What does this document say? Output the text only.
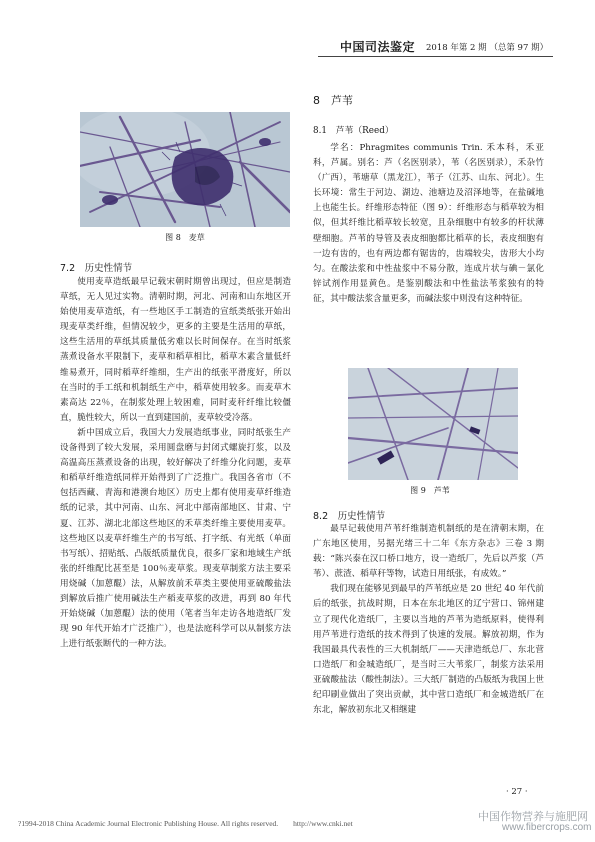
中国司法鉴定 2018 年第 2 期 （总第 97 期）
图 8　麦草
7.2　历史性情节

使用麦草造纸最早记载宋朝时期曾出现过，但应是制造草纸，无人见过实物。清朝时期，河北、河南和山东地区开始使用麦草造纸，有一些地区手工制造的宣纸类纸张开始出现麦草类纤维，但情况较少，更多的主要是生活用的草纸，这些生活用的草纸其质量低劣难以长时间保存。在当时纸浆蒸煮设备水平限制下，麦草和稻草相比，稻草木素含量低纤维易煮开，同时稻草纤维细，生产出的纸张平滑度好，所以在当时的手工纸和机制纸生产中，稻草使用较多。而麦草木素高达 22％，在制浆处理上较困难，同时麦秆纤维比较僵直，脆性较大，所以一直到建国前，麦草较受冷落。

新中国成立后，我国大力发展造纸事业，同时纸张生产设备得到了较大发展，采用圆盘磨与封闭式螺旋打浆，以及高温高压蒸煮设备的出现，较好解决了纤维分化问题，麦草和稻草纤维造纸同样开始得到了广泛推广。我国各省市（不包括西藏、青海和港澳台地区）历史上都有使用麦草纤维造纸的记录，其中河南、山东、河北中部南部地区、甘肃、宁夏、江苏、湖北北部这些地区的禾草类纤维主要使用麦草。这些地区以麦草纤维生产的书写纸、打字纸、有光纸（单面书写纸）、招贴纸、凸版纸质量优良，很多厂家和地域生产纸张的纤维配比甚至是 100％麦草浆。现麦草制浆方法主要采用烧碱（加蒽醌）法，从解放前禾草类主要使用亚硫酸盐法到解放后推广使用碱法生产稻麦草浆的改进，再到 80 年代开始烧碱（加蒽醌）法的使用（笔者当年走访各地造纸厂发现 90 年代开始才广泛推广），也是法庭科学可以从制浆方法上进行纸张断代的一种方法。

8　芦苇
8.1　芦苇（Reed）

学名：Phragmites communis Trin. 禾本科，禾亚科，芦属。别名：芦（名医别录），苇（名医别录），禾杂竹（广西），苇塘草（黑龙江），苇子（江苏、山东、河北）。生长环境：常生于河边、湖边、池塘边及沼泽地等，在盐碱地上也能生长。纤维形态特征（图 9）：纤维形态与稻草较为相似，但其纤维比稻草较长较宽，且杂细胞中有较多的杆状薄壁细胞。芦苇的导管及表皮细胞都比稻草的长，表皮细胞有一边有齿的，也有两边都有锯齿的，齿端较尖，齿形大小均匀。在酸法浆和中性盐浆中不易分散，连成片状与碘－氯化锌试剂作用显黄色。是鉴别酸法和中性盐法苇浆独有的特征，其中酸法浆含量更多，而碱法浆中则没有这种特征。

图 9　芦苇
8.2　历史性情节

最早记载使用芦苇纤维制造机制纸的是在清朝末期，在广东地区使用，另据光绪三十二年《东方杂志》三卷 3 期载：“陈兴泰在汉口桥口地方，设一造纸厂，先后以芦浆（芦苇）、蔗渣、稻草秆等物，试造日用纸张，有成效。”

我们现在能够见到最早的芦苇纸应是 20 世纪 40 年代前后的纸张，抗战时期，日本在东北地区的辽宁营口、锦州建立了现代化造纸厂，主要以当地的芦苇为造纸原料，使得利用芦苇进行造纸的技术得到了快速的发展。解放初期，作为我国最具代表性的三大机制纸厂——天津造纸总厂、东北营口造纸厂和金城造纸厂，是当时三大苇浆厂，制浆方法采用亚硫酸盐法（酸性制法）。三大纸厂制造的凸版纸为我国上世纪印刷业做出了突出贡献，其中营口造纸厂和金城造纸厂在东北，解放初东北又相继建

· 27 ·
?1994-2018 China Academic Journal Electronic Publishing House. All rights reserved.　　http://www.cnki.net
中国作物营养与施肥网
www.fibercrops.com
